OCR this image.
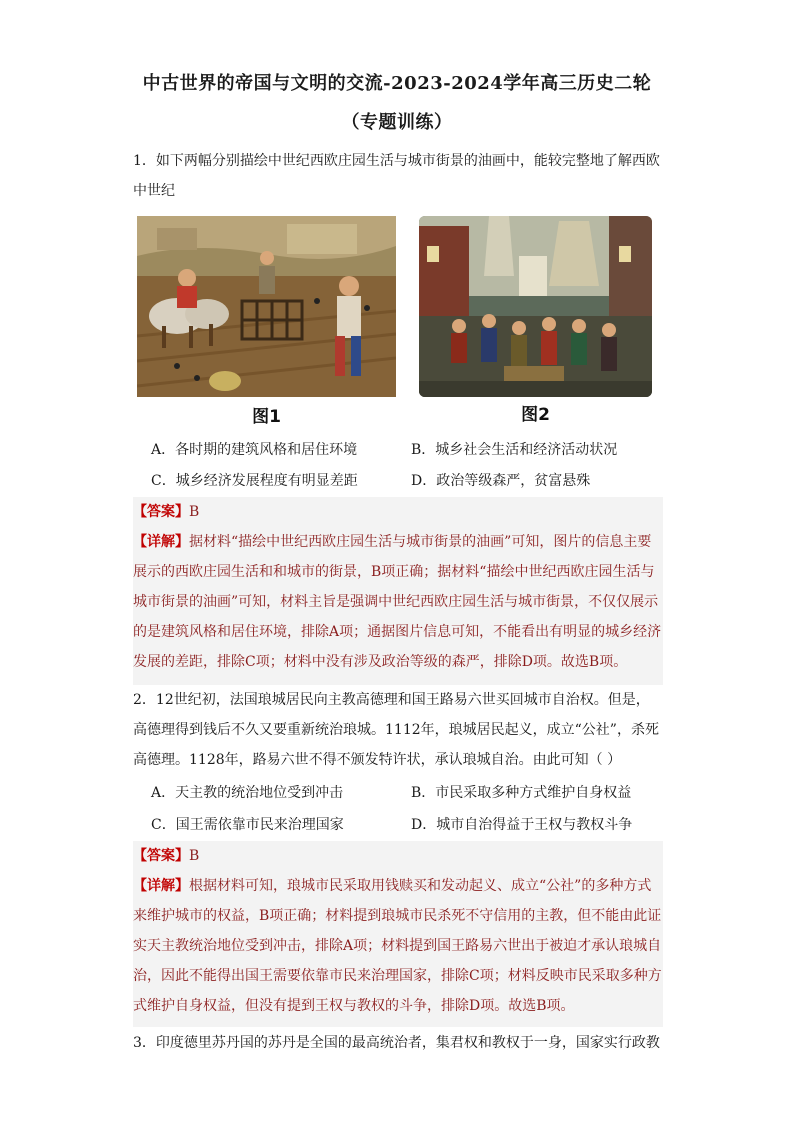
中古世界的帝国与文明的交流-2023-2024学年高三历史二轮
（专题训练）
1．如下两幅分别描绘中世纪西欧庄园生活与城市街景的油画中，能较完整地了解西欧中世纪
图1	图2
A．各时期的建筑风格和居住环境	B．城乡社会生活和经济活动状况
C．城乡经济发展程度有明显差距	D．政治等级森严，贫富悬殊
【答案】B
【详解】据材料“描绘中世纪西欧庄园生活与城市街景的油画”可知，图片的信息主要展示的西欧庄园生活和和城市的街景，B项正确；据材料“描绘中世纪西欧庄园生活与城市街景的油画”可知，材料主旨是强调中世纪西欧庄园生活与城市街景，不仅仅展示的是建筑风格和居住环境，排除A项；通据图片信息可知，不能看出有明显的城乡经济发展的差距，排除C项；材料中没有涉及政治等级的森严，排除D项。故选B项。
2．12世纪初，法国琅城居民向主教高德理和国王路易六世买回城市自治权。但是，高德理得到钱后不久又要重新统治琅城。1112年，琅城居民起义，成立“公社”，杀死高德理。1128年，路易六世不得不颁发特许状，承认琅城自治。由此可知（ ）
A．天主教的统治地位受到冲击	B．市民采取多种方式维护自身权益
C．国王需依靠市民来治理国家	D．城市自治得益于王权与教权斗争
【答案】B
【详解】根据材料可知，琅城市民采取用钱赎买和发动起义、成立“公社”的多种方式来维护城市的权益，B项正确；材料提到琅城市民杀死不守信用的主教，但不能由此证实天主教统治地位受到冲击，排除A项；材料提到国王路易六世出于被迫才承认琅城自治，因此不能得出国王需要依靠市民来治理国家，排除C项；材料反映市民采取多种方式维护自身权益，但没有提到王权与教权的斗争，排除D项。故选B项。
3．印度德里苏丹国的苏丹是全国的最高统治者，集君权和教权于一身，国家实行政教
